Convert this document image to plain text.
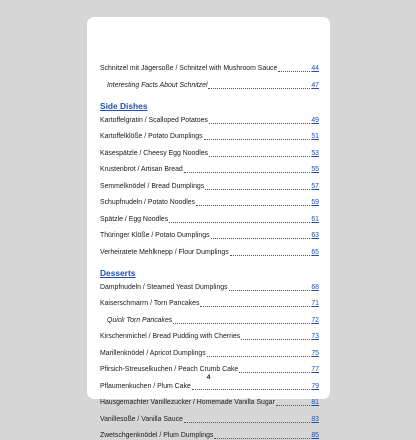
Schnitzel mit Jägersoße / Schnitzel with Mushroom Sauce	44
Interesting Facts About Schnitzel	47
Side Dishes
Kartoffelgratin / Scalloped Potatoes	49
Kartoffelklöße / Potato Dumplings	51
Käsespätzle / Cheesy Egg Noodles	53
Krustenbrot / Artisan Bread	55
Semmelknödel / Bread Dumplings	57
Schupfnudeln / Potato Noodles	59
Spätzle / Egg Noodles	61
Thüringer Klöße / Potato Dumplings	63
Verheiratete Mehlknepp / Flour Dumplings	65
Desserts
Dampfnudeln / Steamed Yeast Dumplings	68
Kaiserschmarrn / Torn Pancakes	71
Quick Torn Pancakes	72
Kirschenmichel / Bread Pudding with Cherries	73
Marillenknödel / Apricot Dumplings	75
Pfirsich-Streuselkuchen / Peach Crumb Cake	77
Pflaumenkuchen / Plum Cake	79
Hausgemachter Vanillezucker / Homemade Vanilla Sugar	81
Vanillesoße / Vanilla Sauce	83
Zwetschgenknödel / Plum Dumplings	85
4
